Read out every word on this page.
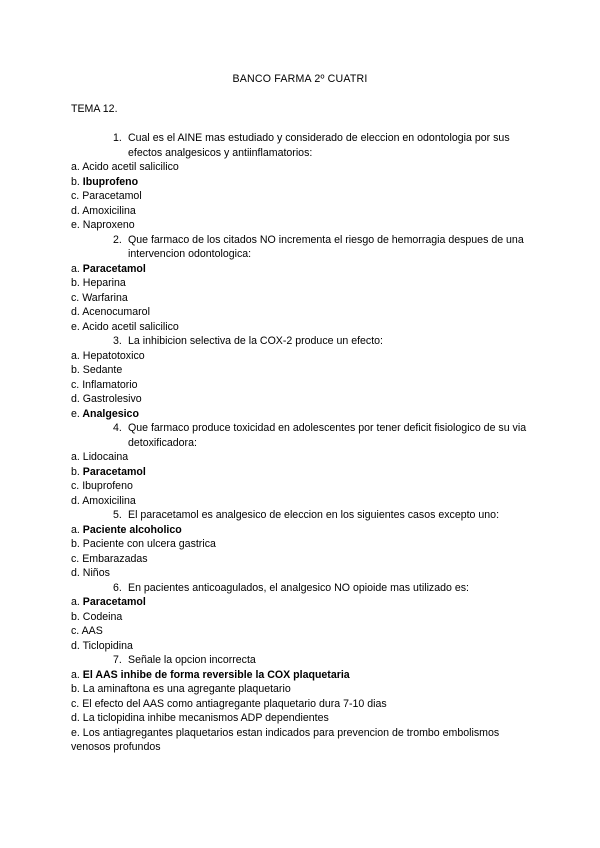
BANCO FARMA 2º CUATRI
TEMA 12.
1. Cual es el AINE mas estudiado y considerado de eleccion en odontologia por sus efectos analgesicos y antiinflamatorios:
a. Acido acetil salicilico
b. Ibuprofeno
c. Paracetamol
d. Amoxicilina
e. Naproxeno
2. Que farmaco de los citados NO incrementa el riesgo de hemorragia despues de una intervencion odontologica:
a. Paracetamol
b. Heparina
c. Warfarina
d. Acenocumarol
e. Acido acetil salicilico
3. La inhibicion selectiva de la COX-2 produce un efecto:
a. Hepatotoxico
b. Sedante
c. Inflamatorio
d. Gastrolesivo
e. Analgesico
4. Que farmaco produce toxicidad en adolescentes por tener deficit fisiologico de su via detoxificadora:
a. Lidocaina
b. Paracetamol
c. Ibuprofeno
d. Amoxicilina
5. El paracetamol es analgesico de eleccion en los siguientes casos excepto uno:
a. Paciente alcoholico
b. Paciente con ulcera gastrica
c. Embarazadas
d. Niños
6. En pacientes anticoagulados, el analgesico NO opioide mas utilizado es:
a. Paracetamol
b. Codeina
c. AAS
d. Ticlopidina
7. Señale la opcion incorrecta
a. El AAS inhibe de forma reversible la COX plaquetaria
b. La aminaftona es una agregante plaquetario
c. El efecto del AAS como antiagregante plaquetario dura 7-10 dias
d. La ticlopidina inhibe mecanismos ADP dependientes
e. Los antiagregantes plaquetarios estan indicados para prevencion de trombo embolismos venosos profundos
